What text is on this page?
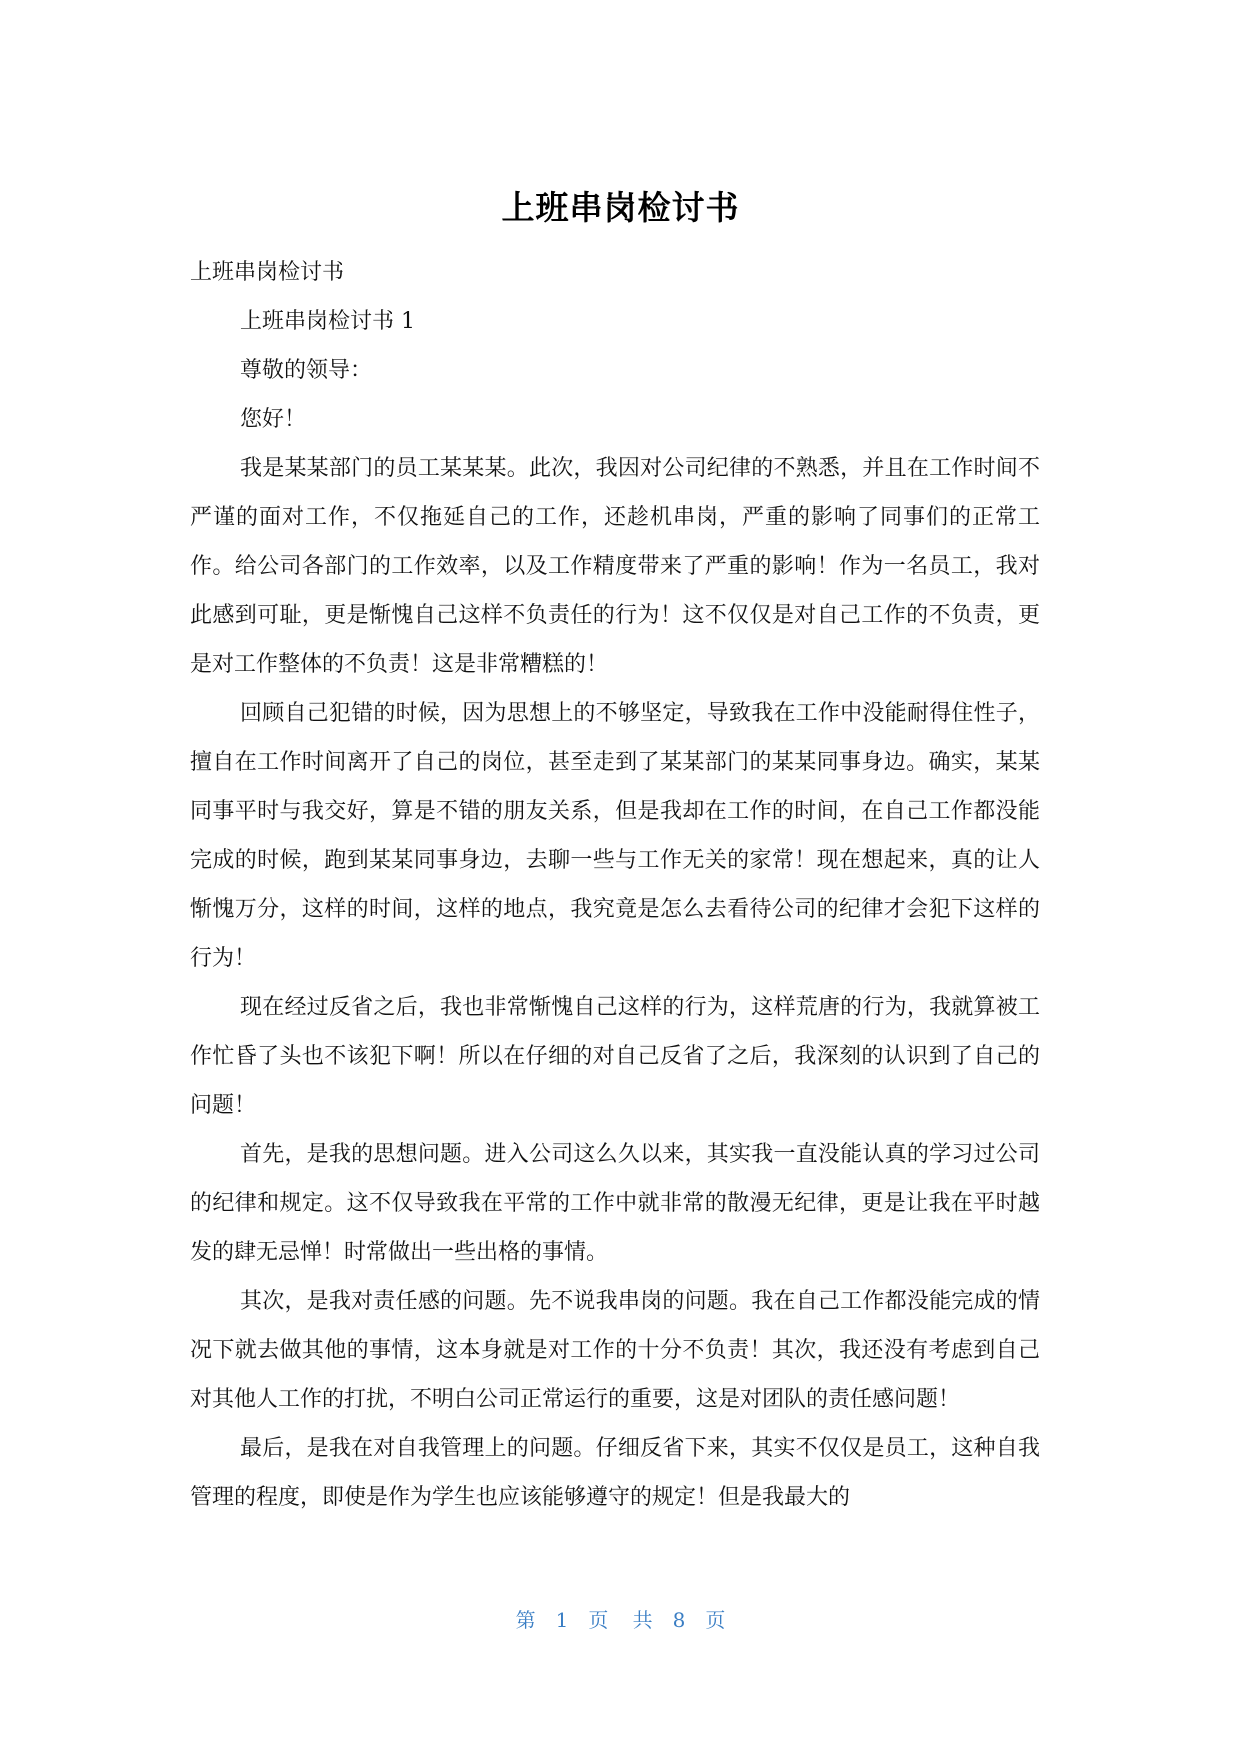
上班串岗检讨书

上班串岗检讨书

上班串岗检讨书 1

尊敬的领导：

您好！

我是某某部门的员工某某某。此次，我因对公司纪律的不熟悉，并且在工作时间不严谨的面对工作，不仅拖延自己的工作，还趁机串岗，严重的影响了同事们的正常工作。给公司各部门的工作效率，以及工作精度带来了严重的影响！作为一名员工，我对此感到可耻，更是惭愧自己这样不负责任的行为！这不仅仅是对自己工作的不负责，更是对工作整体的不负责！这是非常糟糕的！

回顾自己犯错的时候，因为思想上的不够坚定，导致我在工作中没能耐得住性子，擅自在工作时间离开了自己的岗位，甚至走到了某某部门的某某同事身边。确实，某某同事平时与我交好，算是不错的朋友关系，但是我却在工作的时间，在自己工作都没能完成的时候，跑到某某同事身边，去聊一些与工作无关的家常！现在想起来，真的让人惭愧万分，这样的时间，这样的地点，我究竟是怎么去看待公司的纪律才会犯下这样的行为！

现在经过反省之后，我也非常惭愧自己这样的行为，这样荒唐的行为，我就算被工作忙昏了头也不该犯下啊！所以在仔细的对自己反省了之后，我深刻的认识到了自己的问题！

首先，是我的思想问题。进入公司这么久以来，其实我一直没能认真的学习过公司的纪律和规定。这不仅导致我在平常的工作中就非常的散漫无纪律，更是让我在平时越发的肆无忌惮！时常做出一些出格的事情。

其次，是我对责任感的问题。先不说我串岗的问题。我在自己工作都没能完成的情况下就去做其他的事情，这本身就是对工作的十分不负责！其次，我还没有考虑到自己对其他人工作的打扰，不明白公司正常运行的重要，这是对团队的责任感问题！

最后，是我在对自我管理上的问题。仔细反省下来，其实不仅仅是员工，这种自我管理的程度，即使是作为学生也应该能够遵守的规定！但是我最大的

第 1 页 共 8 页
